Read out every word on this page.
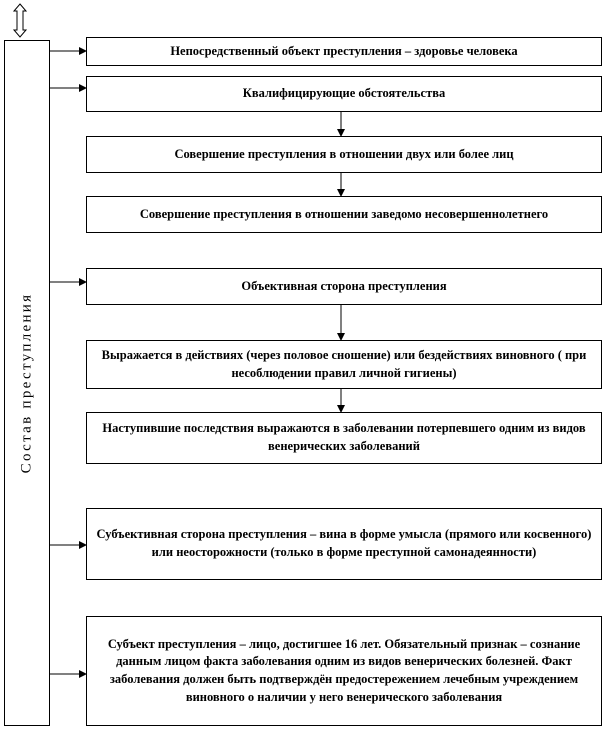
Состав преступления
Непосредственный объект преступления – здоровье человека
Квалифицирующие обстоятельства
Совершение преступления в отношении двух или более лиц
Совершение преступления в отношении заведомо несовершеннолетнего
Объективная сторона преступления
Выражается в действиях (через половое сношение) или бездействиях виновного ( при несоблюдении правил личной гигиены)
Наступившие последствия выражаются в заболевании потерпевшего одним из видов венерических заболеваний
Субъективная сторона преступления – вина в форме умысла (прямого или косвенного) или неосторожности (только в форме преступной самонадеянности)
Субъект преступления – лицо, достигшее 16 лет. Обязательный признак – сознание данным лицом факта заболевания одним из видов венерических болезней. Факт заболевания должен быть подтверждён предостережением лечебным учреждением виновного о наличии у него венерического заболевания
